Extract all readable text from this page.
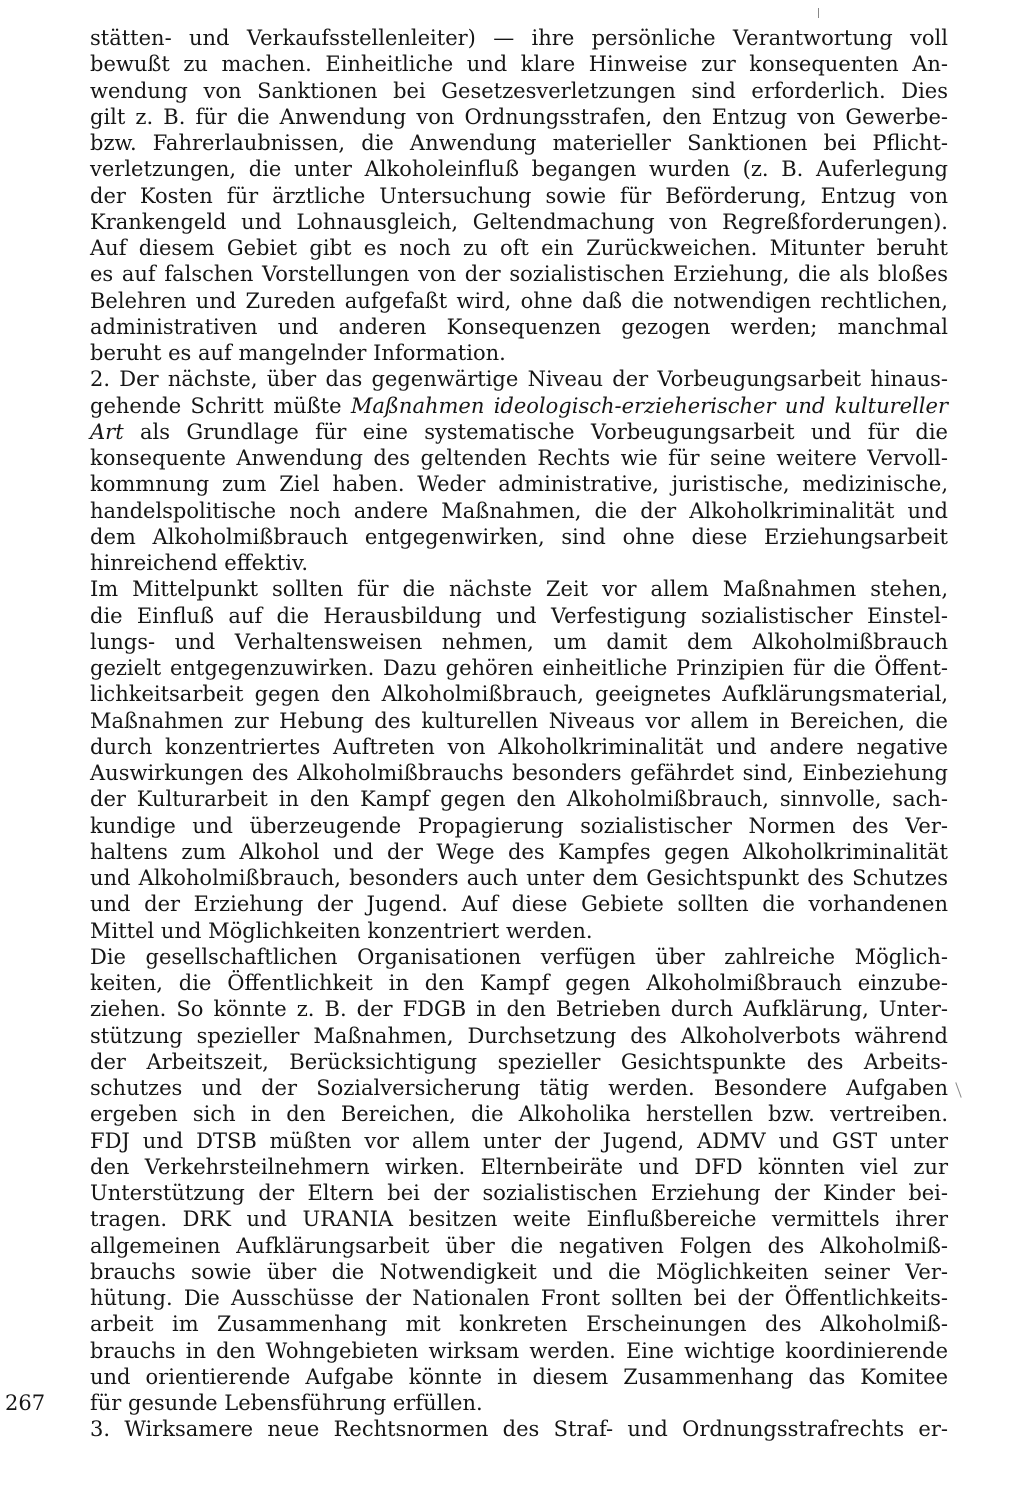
stätten- und Verkaufsstellenleiter) — ihre persönliche Verantwortung voll
bewußt zu machen. Einheitliche und klare Hinweise zur konsequenten An-
wendung von Sanktionen bei Gesetzesverletzungen sind erforderlich. Dies
gilt z. B. für die Anwendung von Ordnungsstrafen, den Entzug von Gewerbe-
bzw. Fahrerlaubnissen, die Anwendung materieller Sanktionen bei Pflicht-
verletzungen, die unter Alkoholeinfluß begangen wurden (z. B. Auferlegung
der Kosten für ärztliche Untersuchung sowie für Beförderung, Entzug von
Krankengeld und Lohnausgleich, Geltendmachung von Regreßforderungen).
Auf diesem Gebiet gibt es noch zu oft ein Zurückweichen. Mitunter beruht
es auf falschen Vorstellungen von der sozialistischen Erziehung, die als bloßes
Belehren und Zureden aufgefaßt wird, ohne daß die notwendigen rechtlichen,
administrativen und anderen Konsequenzen gezogen werden; manchmal
beruht es auf mangelnder Information.
2. Der nächste, über das gegenwärtige Niveau der Vorbeugungsarbeit hinaus-
gehende Schritt müßte Maßnahmen ideologisch-erzieherischer und kultureller
Art als Grundlage für eine systematische Vorbeugungsarbeit und für die
konsequente Anwendung des geltenden Rechts wie für seine weitere Vervoll-
kommnung zum Ziel haben. Weder administrative, juristische, medizinische,
handelspolitische noch andere Maßnahmen, die der Alkoholkriminalität und
dem Alkoholmißbrauch entgegenwirken, sind ohne diese Erziehungsarbeit
hinreichend effektiv.
Im Mittelpunkt sollten für die nächste Zeit vor allem Maßnahmen stehen,
die Einfluß auf die Herausbildung und Verfestigung sozialistischer Einstel-
lungs- und Verhaltensweisen nehmen, um damit dem Alkoholmißbrauch
gezielt entgegenzuwirken. Dazu gehören einheitliche Prinzipien für die Öffent-
lichkeitsarbeit gegen den Alkoholmißbrauch, geeignetes Aufklärungsmaterial,
Maßnahmen zur Hebung des kulturellen Niveaus vor allem in Bereichen, die
durch konzentriertes Auftreten von Alkoholkriminalität und andere negative
Auswirkungen des Alkoholmißbrauchs besonders gefährdet sind, Einbeziehung
der Kulturarbeit in den Kampf gegen den Alkoholmißbrauch, sinnvolle, sach-
kundige und überzeugende Propagierung sozialistischer Normen des Ver-
haltens zum Alkohol und der Wege des Kampfes gegen Alkoholkriminalität
und Alkoholmißbrauch, besonders auch unter dem Gesichtspunkt des Schutzes
und der Erziehung der Jugend. Auf diese Gebiete sollten die vorhandenen
Mittel und Möglichkeiten konzentriert werden.
Die gesellschaftlichen Organisationen verfügen über zahlreiche Möglich-
keiten, die Öffentlichkeit in den Kampf gegen Alkoholmißbrauch einzube-
ziehen. So könnte z. B. der FDGB in den Betrieben durch Aufklärung, Unter-
stützung spezieller Maßnahmen, Durchsetzung des Alkoholverbots während
der Arbeitszeit, Berücksichtigung spezieller Gesichtspunkte des Arbeits-
schutzes und der Sozialversicherung tätig werden. Besondere Aufgaben
ergeben sich in den Bereichen, die Alkoholika herstellen bzw. vertreiben.
FDJ und DTSB müßten vor allem unter der Jugend, ADMV und GST unter
den Verkehrsteilnehmern wirken. Elternbeiräte und DFD könnten viel zur
Unterstützung der Eltern bei der sozialistischen Erziehung der Kinder bei-
tragen. DRK und URANIA besitzen weite Einflußbereiche vermittels ihrer
allgemeinen Aufklärungsarbeit über die negativen Folgen des Alkoholmiß-
brauchs sowie über die Notwendigkeit und die Möglichkeiten seiner Ver-
hütung. Die Ausschüsse der Nationalen Front sollten bei der Öffentlichkeits-
arbeit im Zusammenhang mit konkreten Erscheinungen des Alkoholmiß-
brauchs in den Wohngebieten wirksam werden. Eine wichtige koordinierende
und orientierende Aufgabe könnte in diesem Zusammenhang das Komitee
für gesunde Lebensführung erfüllen.
3. Wirksamere neue Rechtsnormen des Straf- und Ordnungsstrafrechts er-
267
